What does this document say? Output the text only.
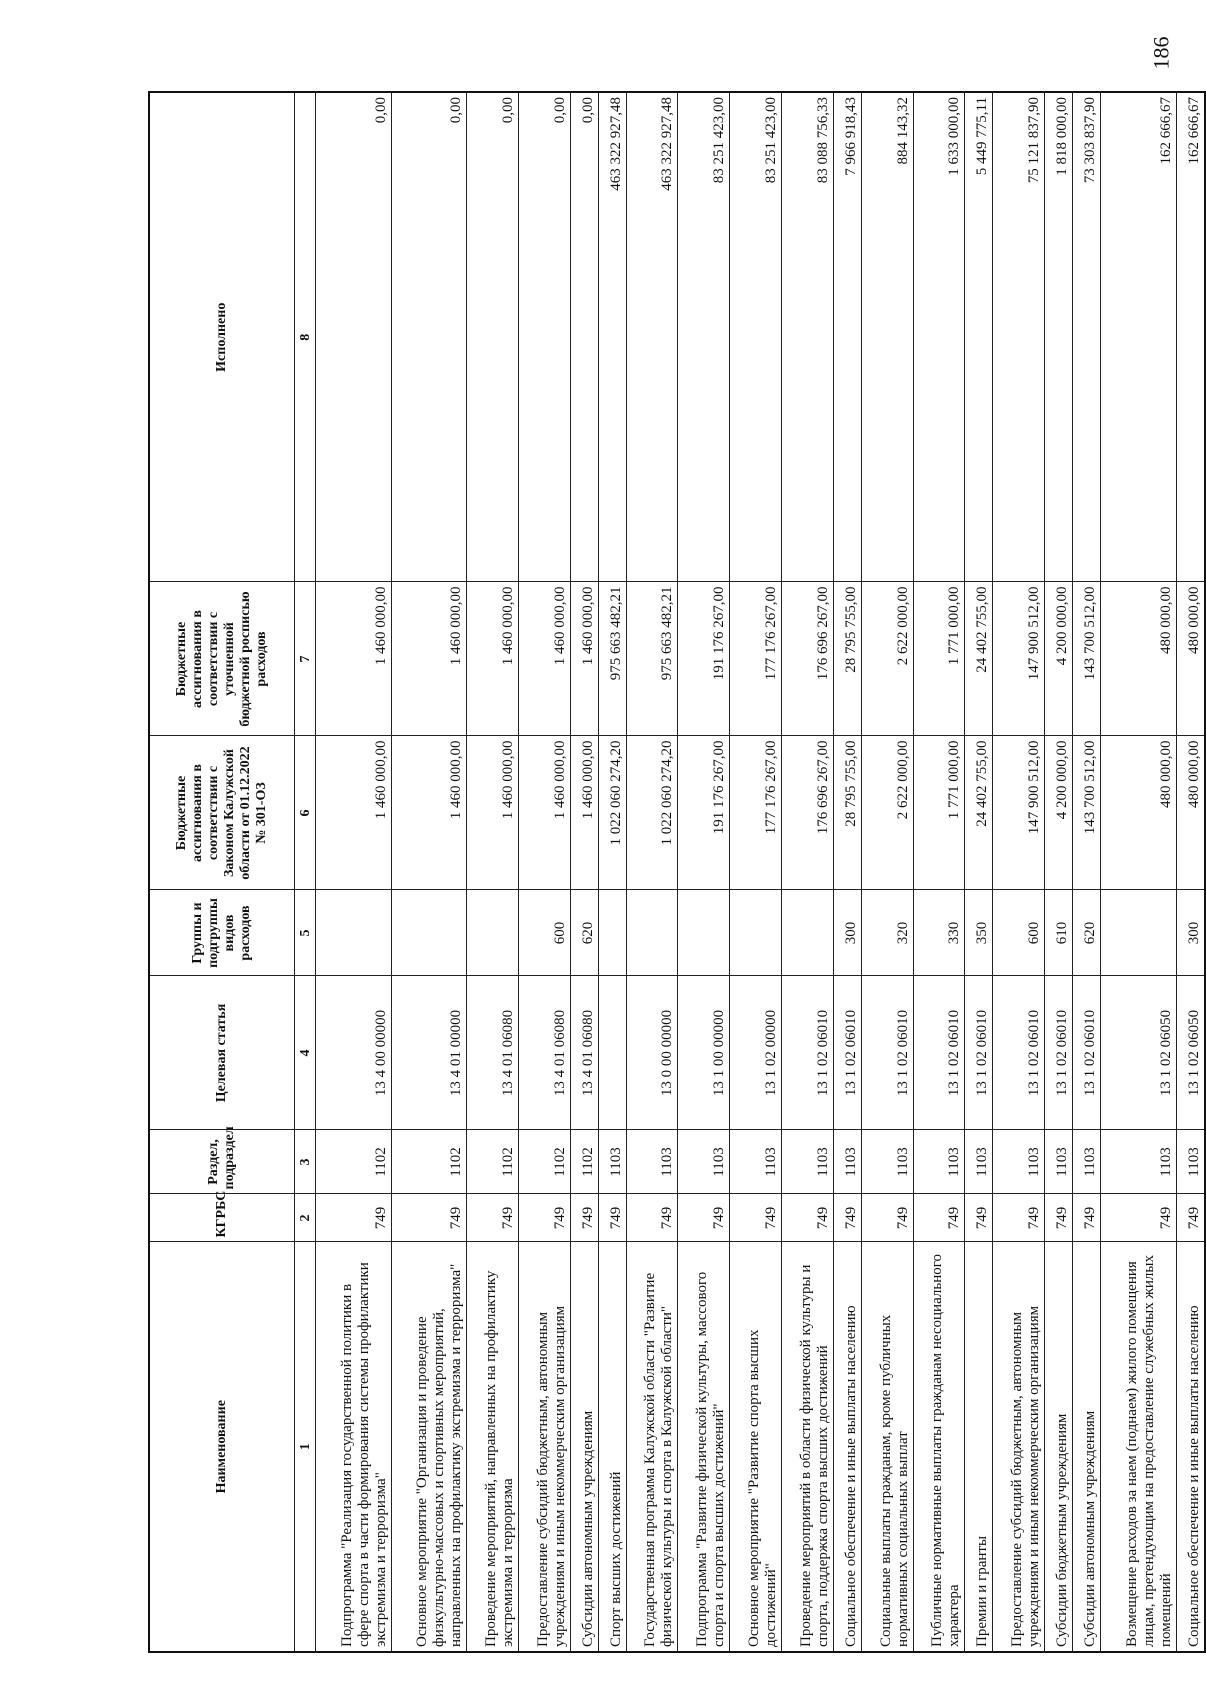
186
Наименование	КГРБС	Раздел, подраздел	Целевая статья	Группы и подгруппы видов расходов	Бюджетные ассигнования в соответствии с Законом Калужской области от 01.12.2022 № 301-ОЗ	Бюджетные ассигнования в соответствии с уточненной бюджетной росписью расходов	Исполнено
1	2	3	4	5	6	7	8
Подпрограмма "Реализация государственной политики в сфере спорта в части формирования системы профилактики экстремизма и терроризма"	749	1102	13 4 00 00000		1 460 000,00	1 460 000,00	0,00
Основное мероприятие "Организация и проведение физкультурно-массовых и спортивных мероприятий, направленных на профилактику экстремизма и терроризма"	749	1102	13 4 01 00000		1 460 000,00	1 460 000,00	0,00
Проведение мероприятий, направленных на профилактику экстремизма и терроризма	749	1102	13 4 01 06080		1 460 000,00	1 460 000,00	0,00
Предоставление субсидий бюджетным, автономным учреждениям и иным некоммерческим организациям	749	1102	13 4 01 06080	600	1 460 000,00	1 460 000,00	0,00
Субсидии автономным учреждениям	749	1102	13 4 01 06080	620	1 460 000,00	1 460 000,00	0,00
Спорт высших достижений	749	1103			1 022 060 274,20	975 663 482,21	463 322 927,48
Государственная программа Калужской области "Развитие физической культуры и спорта в Калужской области"	749	1103	13 0 00 00000		1 022 060 274,20	975 663 482,21	463 322 927,48
Подпрограмма "Развитие физической культуры, массового спорта и спорта высших достижений"	749	1103	13 1 00 00000		191 176 267,00	191 176 267,00	83 251 423,00
Основное мероприятие "Развитие спорта высших достижений"	749	1103	13 1 02 00000		177 176 267,00	177 176 267,00	83 251 423,00
Проведение мероприятий в области физической культуры и спорта, поддержка спорта высших достижений	749	1103	13 1 02 06010		176 696 267,00	176 696 267,00	83 088 756,33
Социальное обеспечение и иные выплаты населению	749	1103	13 1 02 06010	300	28 795 755,00	28 795 755,00	7 966 918,43
Социальные выплаты гражданам, кроме публичных нормативных социальных выплат	749	1103	13 1 02 06010	320	2 622 000,00	2 622 000,00	884 143,32
Публичные нормативные выплаты гражданам несоциального характера	749	1103	13 1 02 06010	330	1 771 000,00	1 771 000,00	1 633 000,00
Премии и гранты	749	1103	13 1 02 06010	350	24 402 755,00	24 402 755,00	5 449 775,11
Предоставление субсидий бюджетным, автономным учреждениям и иным некоммерческим организациям	749	1103	13 1 02 06010	600	147 900 512,00	147 900 512,00	75 121 837,90
Субсидии бюджетным учреждениям	749	1103	13 1 02 06010	610	4 200 000,00	4 200 000,00	1 818 000,00
Субсидии автономным учреждениям	749	1103	13 1 02 06010	620	143 700 512,00	143 700 512,00	73 303 837,90
Возмещение расходов за наем (поднаем) жилого помещения лицам, претендующим на предоставление служебных жилых помещений	749	1103	13 1 02 06050		480 000,00	480 000,00	162 666,67
Социальное обеспечение и иные выплаты населению	749	1103	13 1 02 06050	300	480 000,00	480 000,00	162 666,67
